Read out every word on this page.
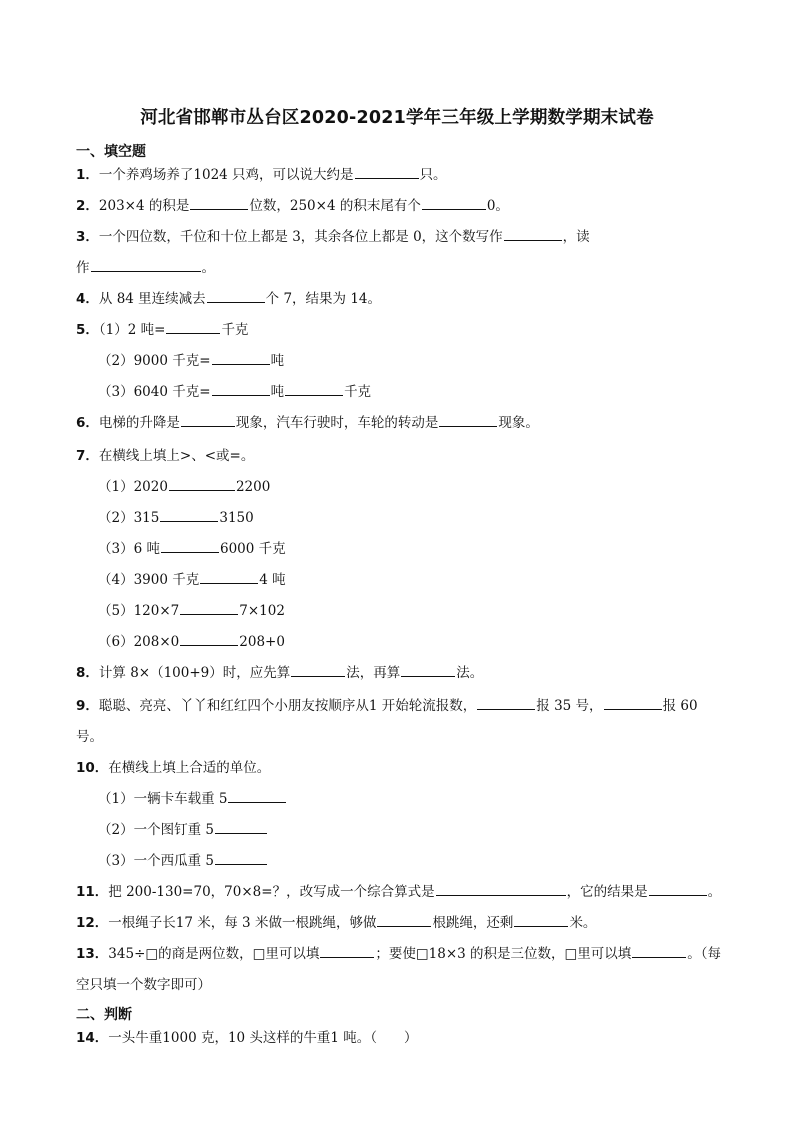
河北省邯郸市丛台区2020-2021学年三年级上学期数学期末试卷
一、填空题
1．一个养鸡场养了1024 只鸡，可以说大约是	只。
2．203×4 的积是	位数，250×4 的积末尾有个	0。
3．一个四位数，千位和十位上都是 3，其余各位上都是 0，这个数写作	，读
作	。
4．从 84 里连续减去	个 7，结果为 14。
5．（1）2 吨=	千克
（2）9000 千克=	吨
（3）6040 千克=	吨	千克
6．电梯的升降是	现象，汽车行驶时，车轮的转动是	现象。
7．在横线上填上>、<或=。
（1）2020	2200
（2）315	3150
（3）6 吨	6000 千克
（4）3900 千克	4 吨
（5）120×7	7×102
（6）208×0	208+0
8．计算 8×（100+9）时，应先算	法，再算	法。
9．聪聪、亮亮、丫丫和红红四个小朋友按顺序从1 开始轮流报数，	报 35 号，	报 60
号。
10．在横线上填上合适的单位。
（1）一辆卡车载重 5
（2）一个图钉重 5
（3）一个西瓜重 5
11．把 200-130=70，70×8=？，改写成一个综合算式是	，它的结果是	。
12．一根绳子长17 米，每 3 米做一根跳绳，够做	根跳绳，还剩	米。
13．345÷□的商是两位数，□里可以填	；要使□18×3 的积是三位数，□里可以填	。（每
空只填一个数字即可）
二、判断
14．一头牛重1000 克，10 头这样的牛重1 吨。（　　）
